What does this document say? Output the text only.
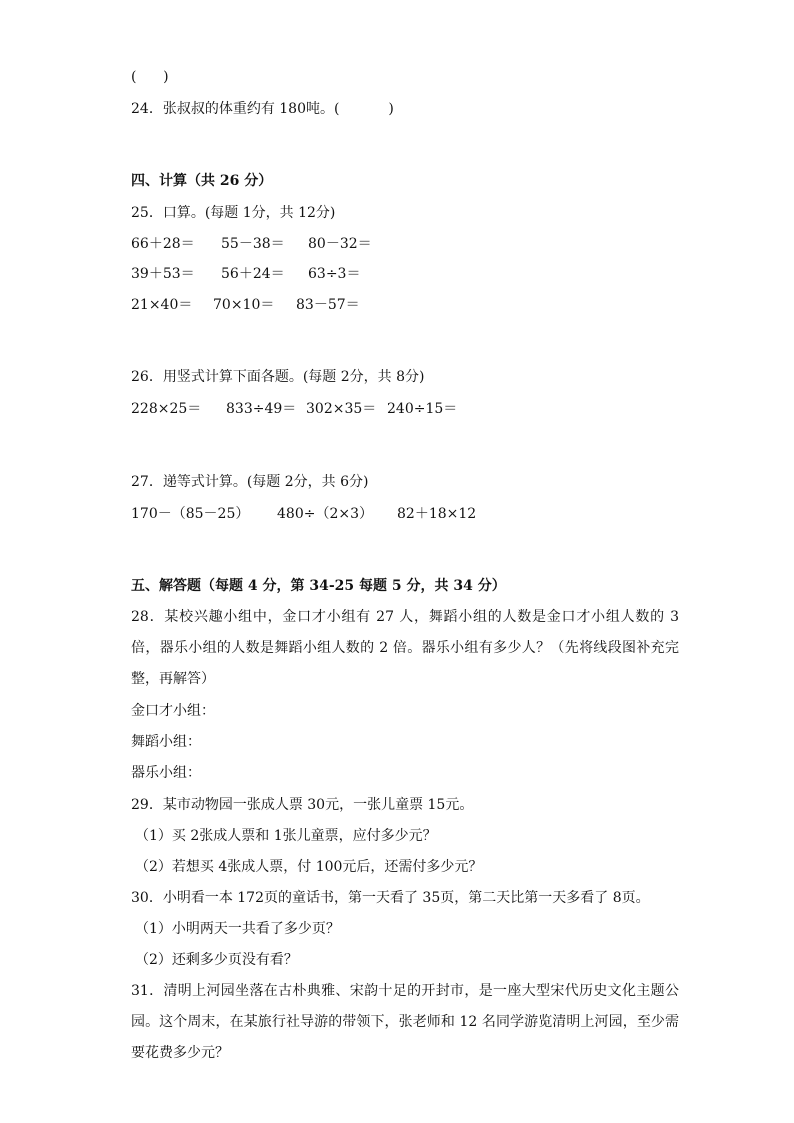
(      )
24．张叔叔的体重约有 180吨。(           )
四、计算（共 26 分）
25．口算。(每题 1分，共 12分)

66＋28＝

55－38＝

80－32＝

39＋53＝

56＋24＝

63÷3＝

21×40＝

70×10＝

83－57＝

26．用竖式计算下面各题。(每题 2分，共 8分)

228×25＝

833÷49＝

302×35＝

240÷15＝

27．递等式计算。(每题 2分，共 6分)

170－（85－25）

480÷（2×3）

82＋18×12

五、解答题（每题 4 分，第 34-25 每题 5 分，共 34 分）
28．某校兴趣小组中，金口才小组有 27 人，舞蹈小组的人数是金口才小组人数的 3 倍，器乐小组的人数是舞蹈小组人数的 2 倍。器乐小组有多少人？（先将线段图补充完整，再解答）
金口才小组：
舞蹈小组：
器乐小组：
29．某市动物园一张成人票 30元，一张儿童票 15元。
（1）买 2张成人票和 1张儿童票，应付多少元？
（2）若想买 4张成人票，付 100元后，还需付多少元？
30．小明看一本 172页的童话书，第一天看了 35页，第二天比第一天多看了 8页。
（1）小明两天一共看了多少页？
（2）还剩多少页没有看？
31．清明上河园坐落在古朴典雅、宋韵十足的开封市，是一座大型宋代历史文化主题公园。这个周末，在某旅行社导游的带领下，张老师和 12 名同学游览清明上河园，至少需要花费多少元？
